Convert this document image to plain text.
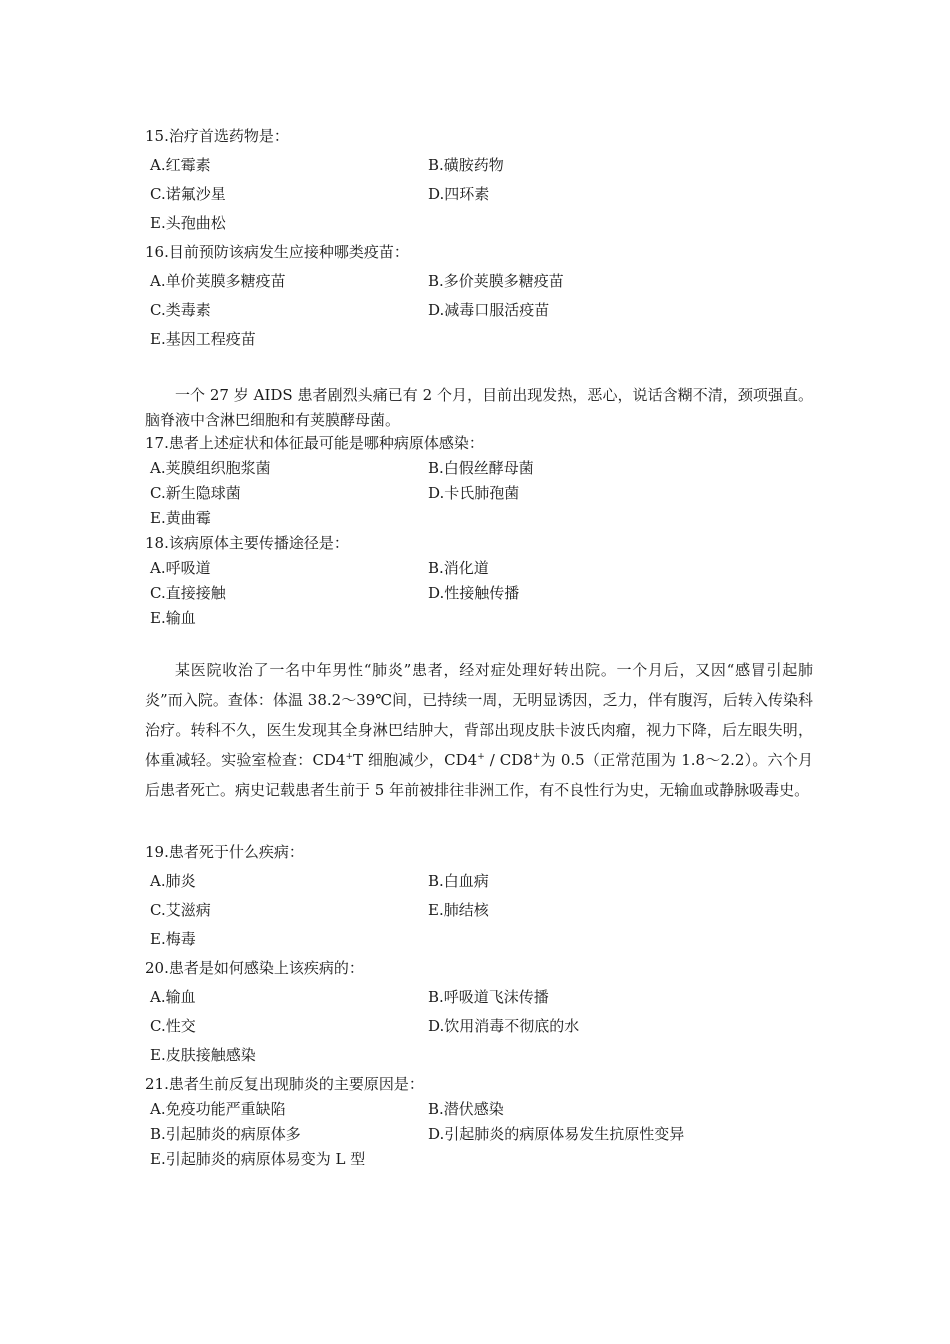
15.治疗首选药物是：
A.红霉素	B.磺胺药物
C.诺氟沙星	D.四环素
E.头孢曲松
16.目前预防该病发生应接种哪类疫苗：
A.单价荚膜多糖疫苗	B.多价荚膜多糖疫苗
C.类毒素	D.减毒口服活疫苗
E.基因工程疫苗

一个 27 岁 AIDS 患者剧烈头痛已有 2 个月，目前出现发热，恶心，说话含糊不清，颈项强直。脑脊液中含淋巴细胞和有荚膜酵母菌。

17.患者上述症状和体征最可能是哪种病原体感染：
A.荚膜组织胞浆菌	B.白假丝酵母菌
C.新生隐球菌	D.卡氏肺孢菌
E.黄曲霉
18.该病原体主要传播途径是：
A.呼吸道	B.消化道
C.直接接触	D.性接触传播
E.输血

某医院收治了一名中年男性“肺炎”患者，经对症处理好转出院。一个月后，又因“感冒引起肺炎”而入院。查体：体温 38.2～39℃间，已持续一周，无明显诱因，乏力，伴有腹泻，后转入传染科治疗。转科不久，医生发现其全身淋巴结肿大，背部出现皮肤卡波氏肉瘤，视力下降，后左眼失明，体重减轻。实验室检查：CD4+T 细胞减少，CD4+ / CD8+为 0.5（正常范围为 1.8～2.2）。六个月后患者死亡。病史记载患者生前于 5 年前被排往非洲工作，有不良性行为史，无输血或静脉吸毒史。

19.患者死于什么疾病：
A.肺炎	B.白血病
C.艾滋病	E.肺结核
E.梅毒
20.患者是如何感染上该疾病的：
A.输血	B.呼吸道飞沫传播
C.性交	D.饮用消毒不彻底的水
E.皮肤接触感染
21.患者生前反复出现肺炎的主要原因是：
A.免疫功能严重缺陷	B.潜伏感染
B.引起肺炎的病原体多	D.引起肺炎的病原体易发生抗原性变异
E.引起肺炎的病原体易变为 L 型
